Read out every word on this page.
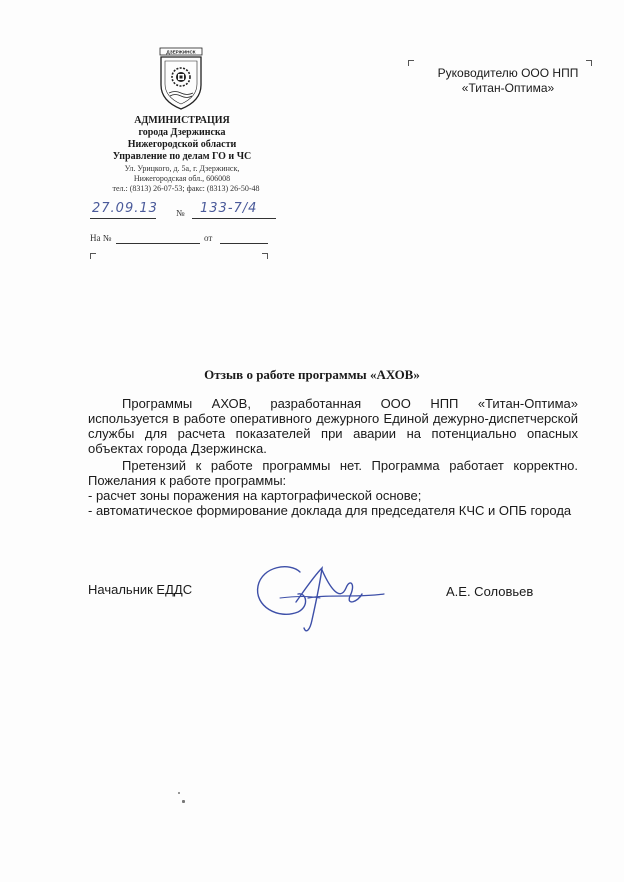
ДЗЕРЖИНСК
АДМИНИСТРАЦИЯ
города Дзержинска
Нижегородской области
Управление по делам ГО и ЧС
Ул. Урицкого, д. 5а, г. Дзержинск,
Нижегородская обл., 606008
тел.: (8313) 26-07-53; факс: (8313) 26-50-48
27.09.13 № 133-7/4
На №	от
Руководителю ООО НПП
«Титан-Оптима»
Отзыв о работе программы «АХОВ»

Программы АХОВ, разработанная ООО НПП «Титан-Оптима» используется в работе оперативного дежурного Единой дежурно-диспетчерской службы для расчета показателей при аварии на потенциально опасных объектах города Дзержинска.

Претензий к работе программы нет. Программа работает корректно. Пожелания к работе программы:

- расчет зоны поражения на картографической основе;

- автоматическое формирование доклада для председателя КЧС и ОПБ города

Начальник ЕДДС	А.Е. Соловьев
